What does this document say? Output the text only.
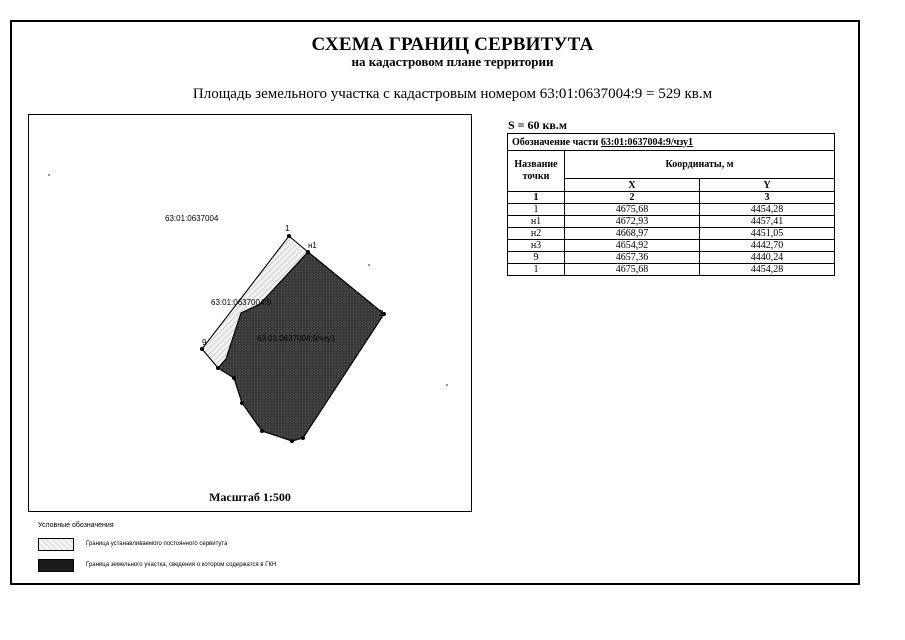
СХЕМА ГРАНИЦ СЕРВИТУТА
на кадастровом плане территории
Площадь земельного участка с кадастровым номером 63:01:0637004:9 = 529 кв.м
63:01:0637004
63:01:0637004:9
63:01:0637004:9/чзу1
1
н1
2
9
Масштаб 1:500
S = 60 кв.м
Обозначение части 63:01:0637004:9/чзу1		
Название точки	Координаты, м	
	X	Y
1	2	3
1	4675,68	4454,28
н1	4672,93	4457,41
н2	4668,97	4451,05
н3	4654,92	4442,70
9	4657,36	4440,24
1	4675,68	4454,28
Условные обозначения
Граница устанавливаемого постоянного сервитута
Граница земельного участка, сведения о котором содержатся в ГКН
